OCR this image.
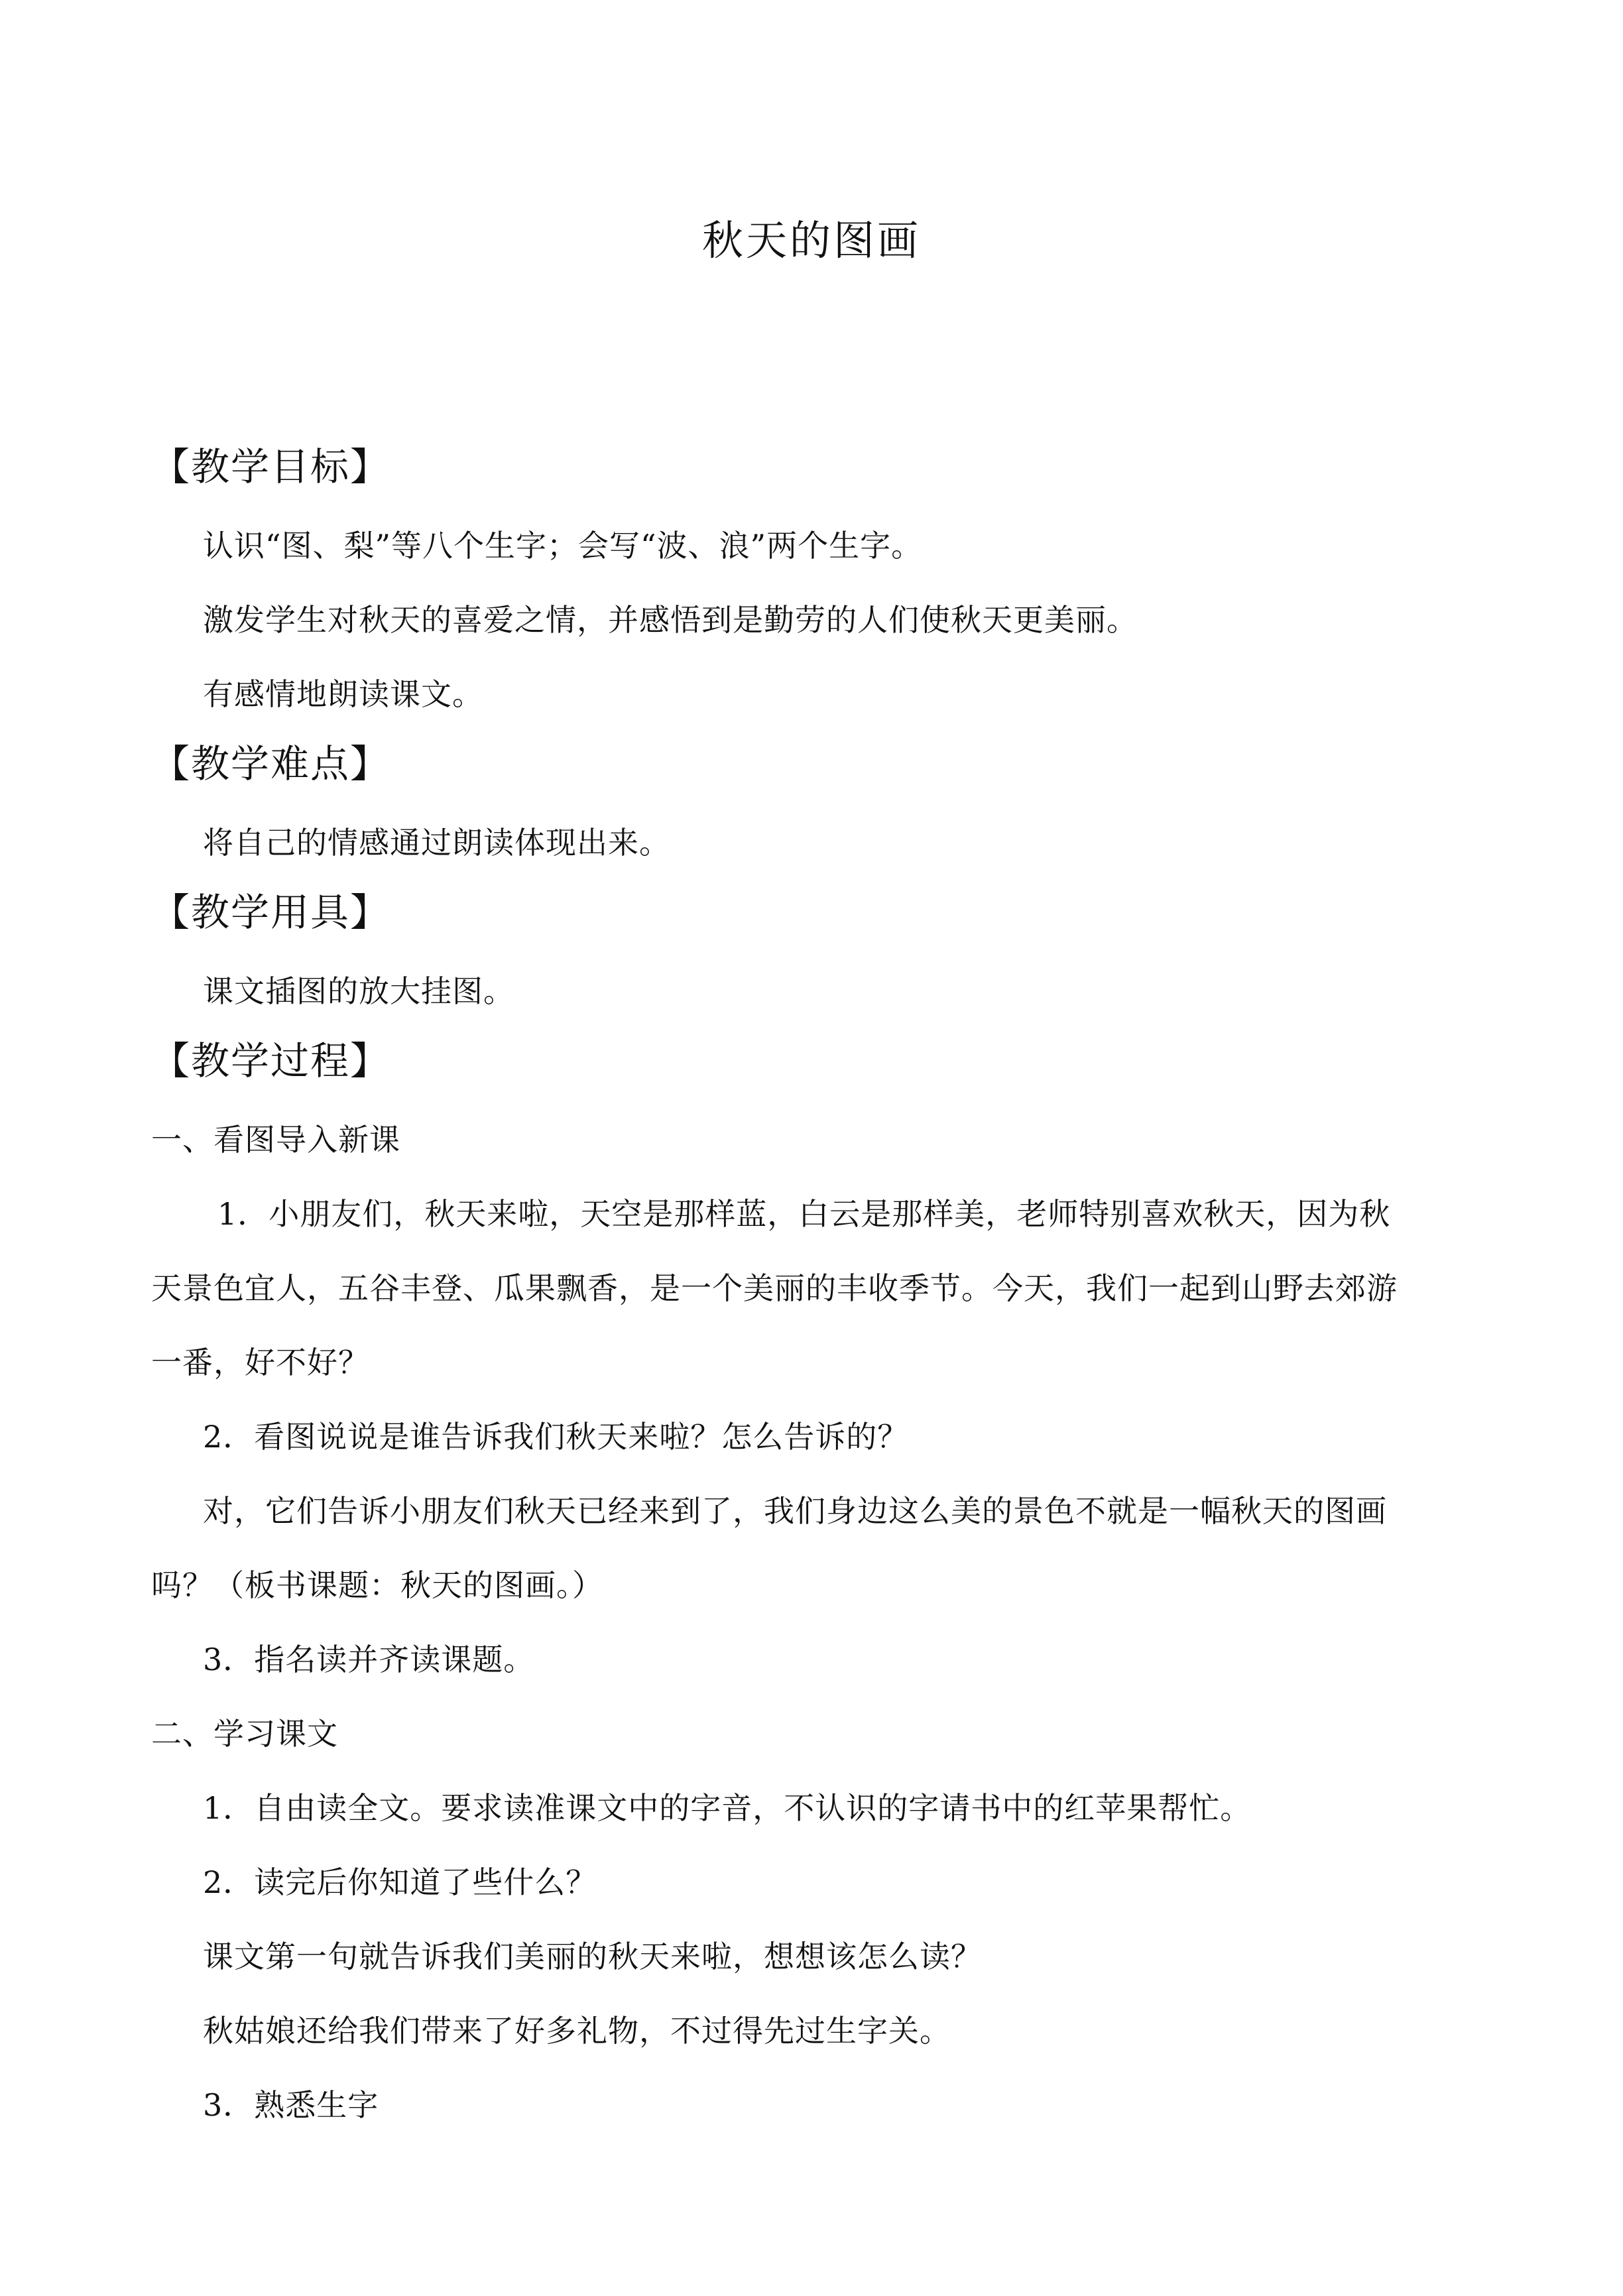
秋天的图画
【教学目标】
认识“图、梨”等八个生字；会写“波、浪”两个生字。
激发学生对秋天的喜爱之情，并感悟到是勤劳的人们使秋天更美丽。
有感情地朗读课文。
【教学难点】
将自己的情感通过朗读体现出来。
【教学用具】
课文插图的放大挂图。
【教学过程】
一、看图导入新课
1．小朋友们，秋天来啦，天空是那样蓝，白云是那样美，老师特别喜欢秋天，因为秋
天景色宜人，五谷丰登、瓜果飘香，是一个美丽的丰收季节。今天，我们一起到山野去郊游
一番，好不好？
2．看图说说是谁告诉我们秋天来啦？怎么告诉的？
对，它们告诉小朋友们秋天已经来到了，我们身边这么美的景色不就是一幅秋天的图画
吗？（板书课题：秋天的图画。）
3．指名读并齐读课题。
二、学习课文
1．自由读全文。要求读准课文中的字音，不认识的字请书中的红苹果帮忙。
2．读完后你知道了些什么？
课文第一句就告诉我们美丽的秋天来啦，想想该怎么读？
秋姑娘还给我们带来了好多礼物，不过得先过生字关。
3．熟悉生字
